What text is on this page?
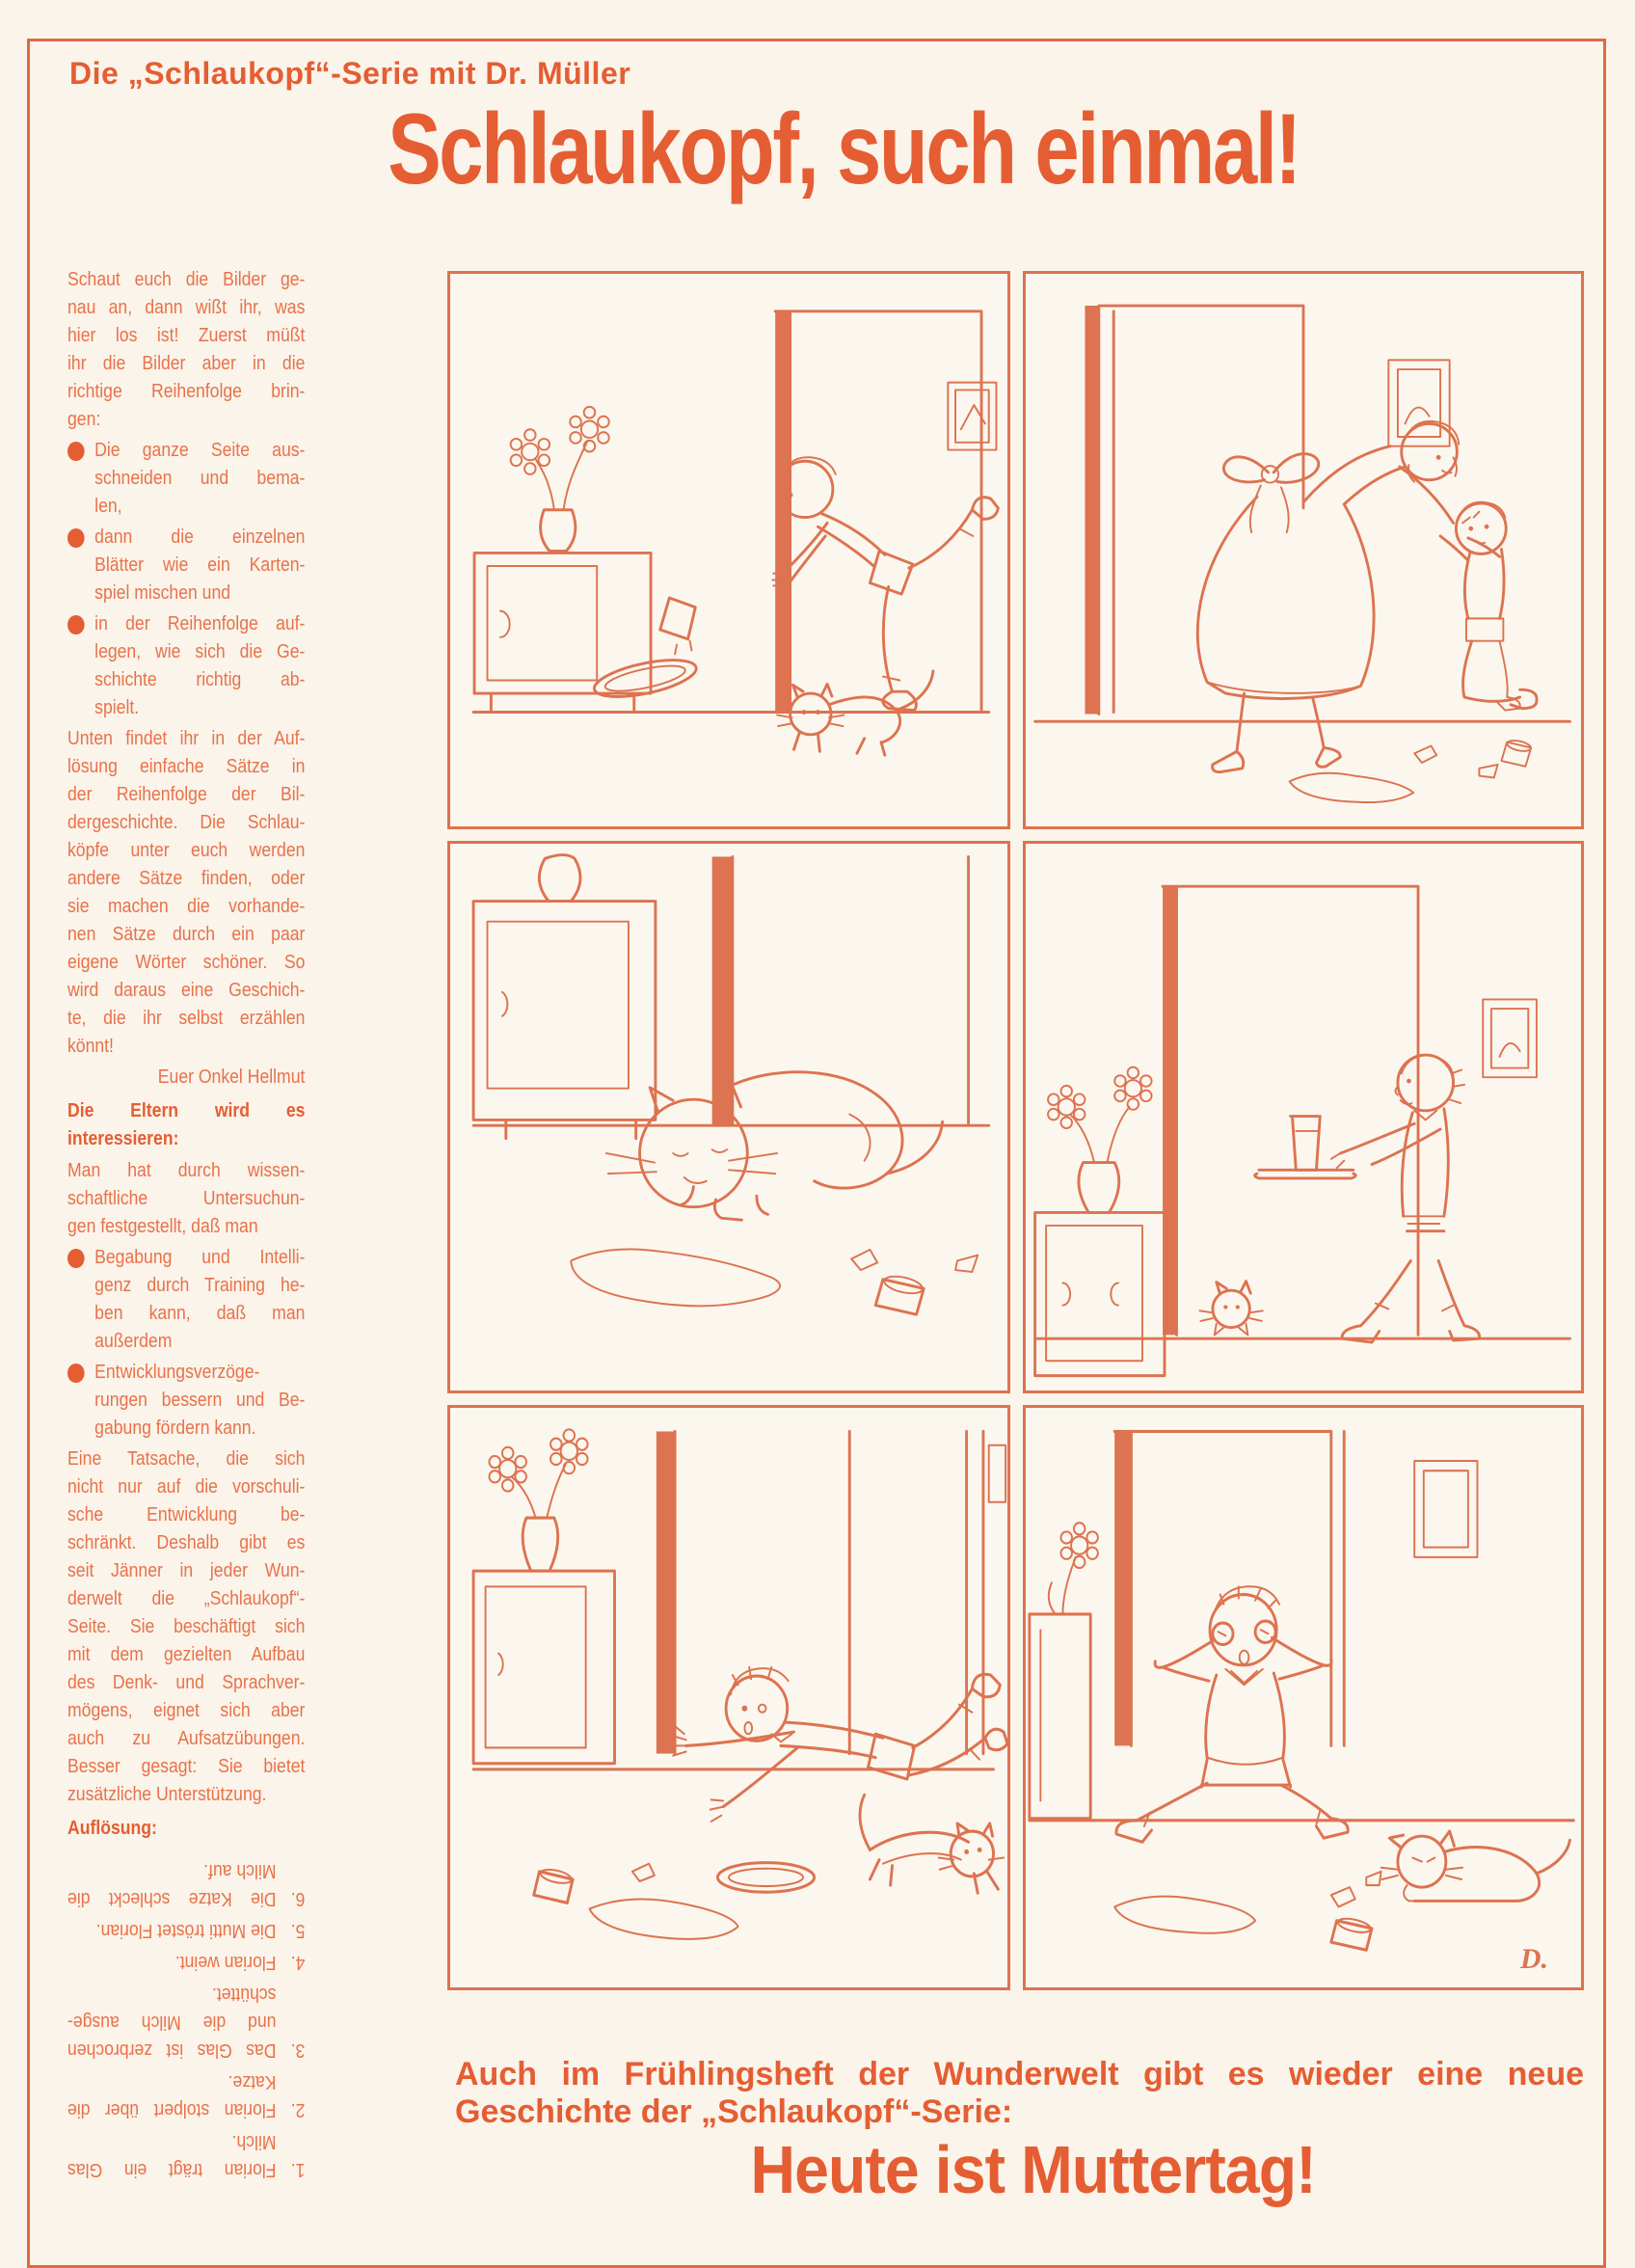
Die „Schlaukopf“-Serie mit Dr. Müller
Schlaukopf, such einmal!
Schaut euch die Bilder ge-
nau an, dann wißt ihr, was
hier los ist! Zuerst müßt
ihr die Bilder aber in die
richtige Reihenfolge brin-
gen:
Die ganze Seite aus-
schneiden und bema-
len,
dann die einzelnen
Blätter wie ein Karten-
spiel mischen und
in der Reihenfolge auf-
legen, wie sich die Ge-
schichte richtig ab-
spielt.
Unten findet ihr in der Auf-
lösung einfache Sätze in
der Reihenfolge der Bil-
dergeschichte. Die Schlau-
köpfe unter euch werden
andere Sätze finden, oder
sie machen die vorhande-
nen Sätze durch ein paar
eigene Wörter schöner. So
wird daraus eine Geschich-
te, die ihr selbst erzählen
könnt!
Euer Onkel Hellmut
Die Eltern wird es
interessieren:
Man hat durch wissen-
schaftliche Untersuchun-
gen festgestellt, daß man
Begabung und Intelli-
genz durch Training he-
ben kann, daß man
außerdem
Entwicklungsverzöge-
rungen bessern und Be-
gabung fördern kann.
Eine Tatsache, die sich
nicht nur auf die vorschuli-
sche Entwicklung be-
schränkt. Deshalb gibt es
seit Jänner in jeder Wun-
derwelt die „Schlaukopf“-
Seite. Sie beschäftigt sich
mit dem gezielten Aufbau
des Denk- und Sprachver-
mögens, eignet sich aber
auch zu Aufsatzübungen.
Besser gesagt: Sie bietet
zusätzliche Unterstützung.
Auflösung:
1.
Florian trägt ein Glas
Milch.
2.
Florian stolpert über die
Katze.
3.
Das Glas ist zerbrochen
und die Milch ausge-
schüttet.
4.
Florian weint.
5.
Die Mutti tröstet Florian.
6.
Die Katze schleckt die
Milch auf.
D.
Auch im Frühlingsheft der Wunderwelt gibt es wieder eine neue
Geschichte der „Schlaukopf“-Serie:
Heute ist Muttertag!
